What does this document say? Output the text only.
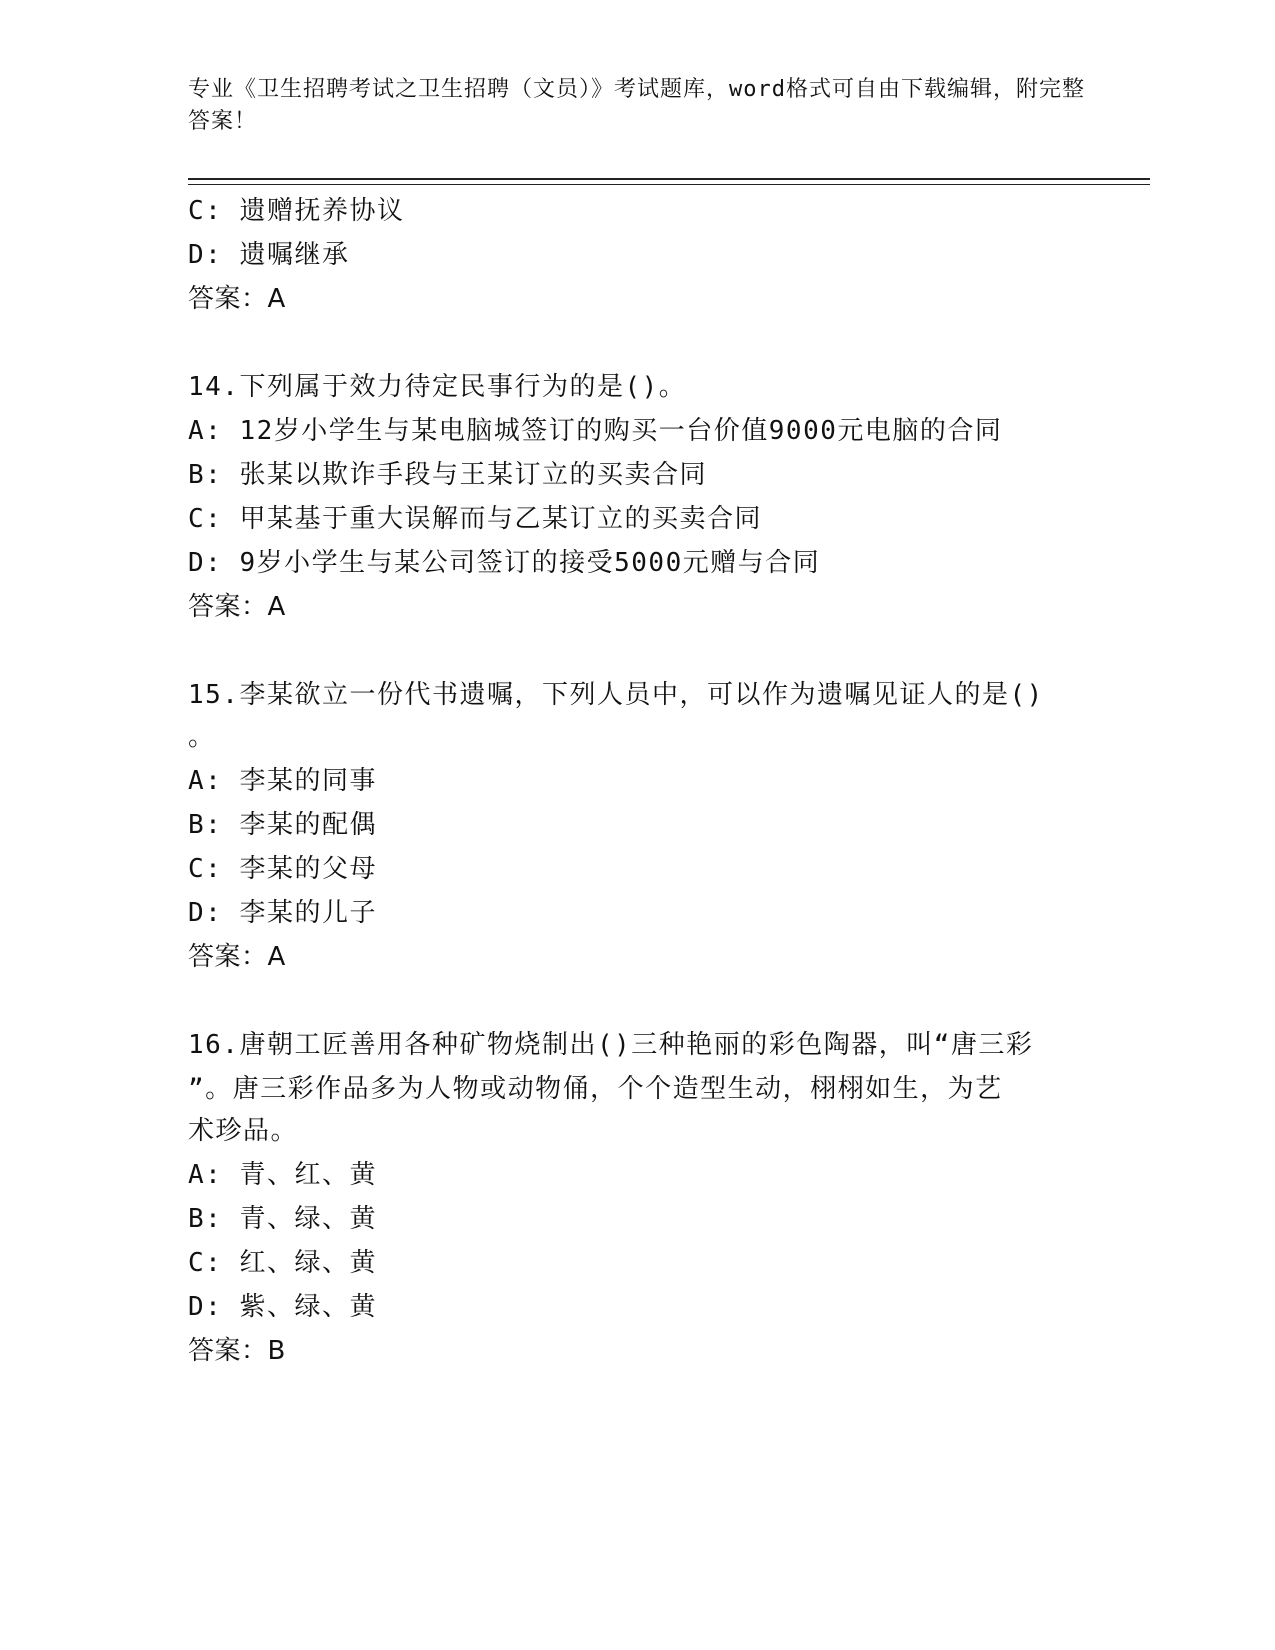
专业《卫生招聘考试之卫生招聘（文员）》考试题库，word格式可自由下载编辑，附完整答案！
C: 遗赠抚养协议
D: 遗嘱继承
答案：A
14.下列属于效力待定民事行为的是()。
A: 12岁小学生与某电脑城签订的购买一台价值9000元电脑的合同
B: 张某以欺诈手段与王某订立的买卖合同
C: 甲某基于重大误解而与乙某订立的买卖合同
D: 9岁小学生与某公司签订的接受5000元赠与合同
答案：A
15.李某欲立一份代书遗嘱，下列人员中，可以作为遗嘱见证人的是()
。
A: 李某的同事
B: 李某的配偶
C: 李某的父母
D: 李某的儿子
答案：A
16.唐朝工匠善用各种矿物烧制出()三种艳丽的彩色陶器，叫“唐三彩
”。唐三彩作品多为人物或动物俑，个个造型生动，栩栩如生，为艺
术珍品。
A: 青、红、黄
B: 青、绿、黄
C: 红、绿、黄
D: 紫、绿、黄
答案：B
